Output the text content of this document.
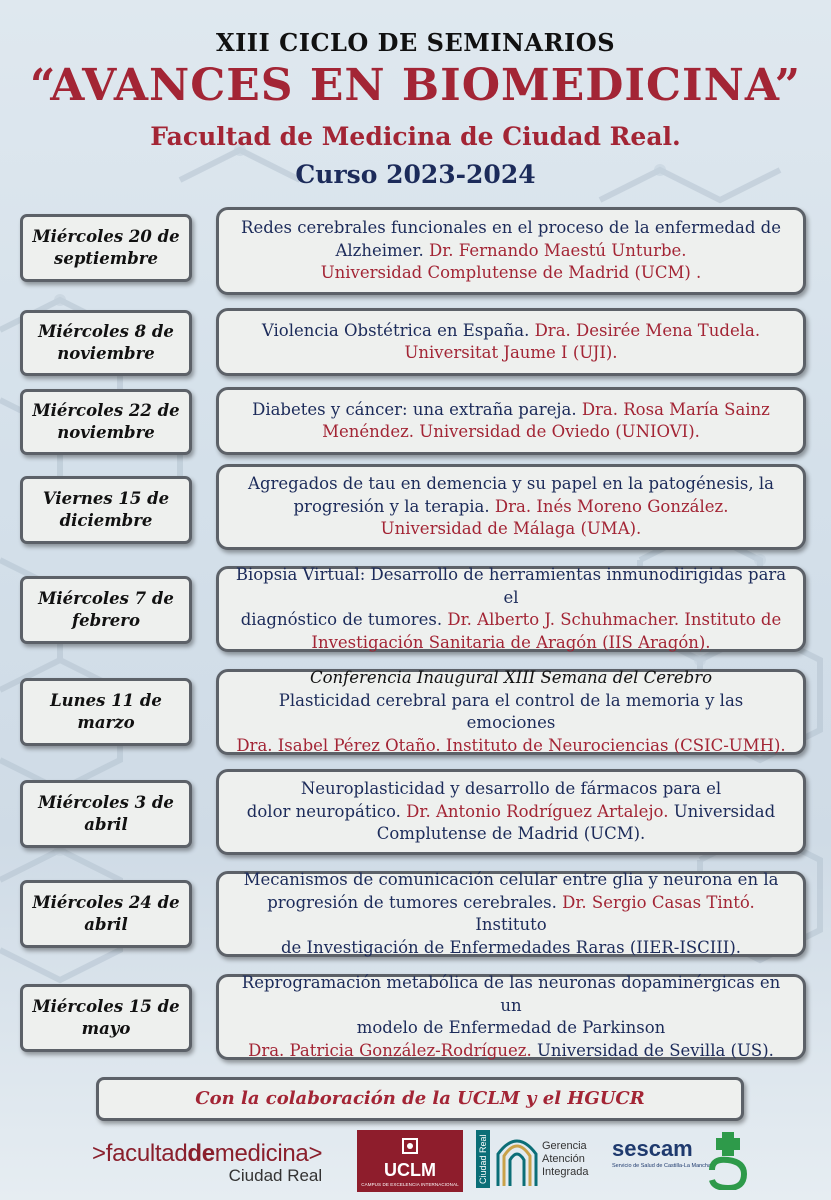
XIII CICLO DE SEMINARIOS
“AVANCES EN BIOMEDICINA”
Facultad de Medicina de Ciudad Real.
Curso 2023-2024
Miércoles 20 de
septiembre
Redes cerebrales funcionales en el proceso de la enfermedad de
Alzheimer. Dr. Fernando Maestú Unturbe.
Universidad Complutense de Madrid (UCM) .
Miércoles 8 de
noviembre
Violencia Obstétrica en España. Dra. Desirée Mena Tudela.
Universitat Jaume I (UJI).
Miércoles 22 de
noviembre
Diabetes y cáncer: una extraña pareja. Dra. Rosa María Sainz
Menéndez. Universidad de Oviedo (UNIOVI).
Viernes 15 de
diciembre
Agregados de tau en demencia y su papel en la patogénesis, la
progresión y la terapia. Dra. Inés Moreno González.
Universidad de Málaga (UMA).
Miércoles 7 de
febrero
Biopsia Virtual: Desarrollo de herramientas inmunodirigidas para el
diagnóstico de tumores. Dr. Alberto J. Schuhmacher. Instituto de
Investigación Sanitaria de Aragón (IIS Aragón).
Lunes 11 de
marzo
Conferencia Inaugural XIII Semana del Cerebro
Plasticidad cerebral para el control de la memoria y las emociones
Dra. Isabel Pérez Otaño. Instituto de Neurociencias (CSIC-UMH).
Miércoles 3 de
abril
Neuroplasticidad y desarrollo de fármacos para el
dolor neuropático. Dr. Antonio Rodríguez Artalejo. Universidad
Complutense de Madrid (UCM).
Miércoles 24 de
abril
Mecanismos de comunicación celular entre glia y neurona en la
progresión de tumores cerebrales. Dr. Sergio Casas Tintó. Instituto
de Investigación de Enfermedades Raras (IIER-ISCIII).
Miércoles 15 de
mayo
Reprogramación metabólica de las neuronas dopaminérgicas en un
modelo de Enfermedad de Parkinson
Dra. Patricia González-Rodríguez. Universidad de Sevilla (US).
Con la colaboración de la UCLM y el HGUCR
>facultaddemedicina>
Ciudad Real	UCLM
CAMPUS DE EXCELENCIA INTERNACIONAL
Ciudad Real	Gerencia
Atención
Integrada
sescam
Servicio de Salud de Castilla-La Mancha
